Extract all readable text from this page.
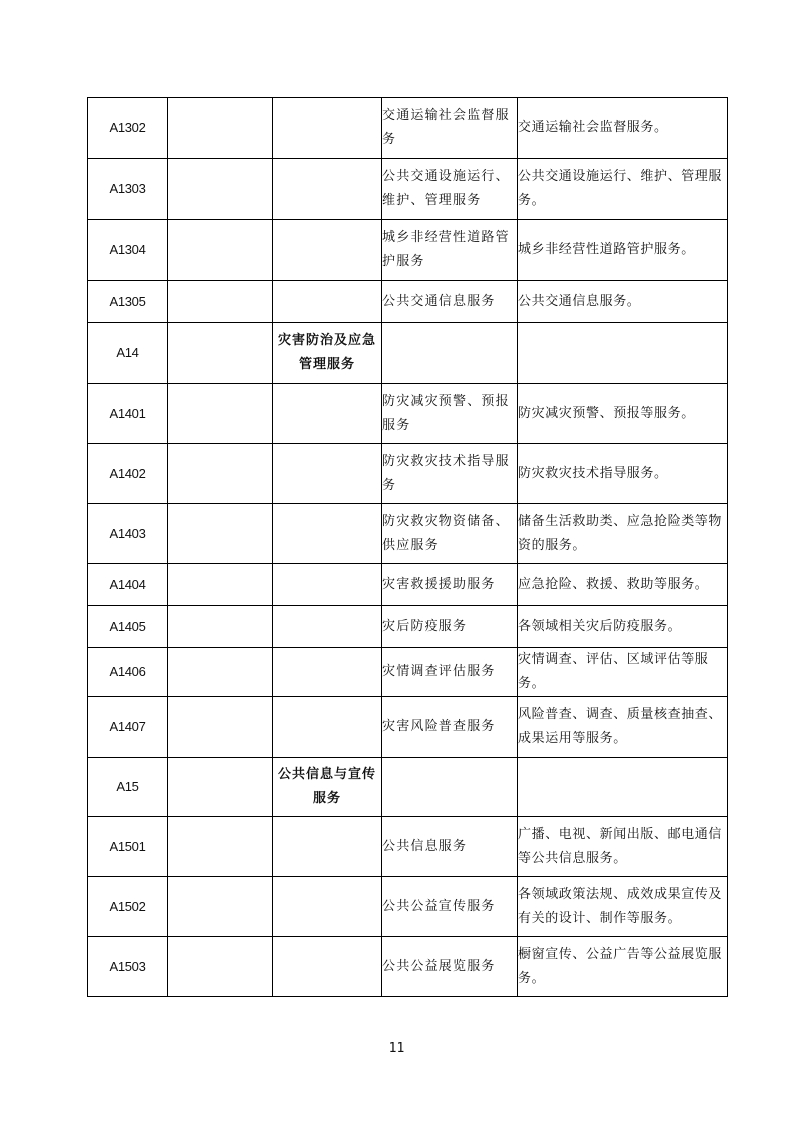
A1302			交通运输社会监督服务	交通运输社会监督服务。
A1303			公共交通设施运行、维护、管理服务	公共交通设施运行、维护、管理服务。
A1304			城乡非经营性道路管护服务	城乡非经营性道路管护服务。
A1305			公共交通信息服务	公共交通信息服务。
A14		灾害防治及应急管理服务		
A1401			防灾减灾预警、预报服务	防灾减灾预警、预报等服务。
A1402			防灾救灾技术指导服务	防灾救灾技术指导服务。
A1403			防灾救灾物资储备、供应服务	储备生活救助类、应急抢险类等物资的服务。
A1404			灾害救援援助服务	应急抢险、救援、救助等服务。
A1405			灾后防疫服务	各领域相关灾后防疫服务。
A1406			灾情调查评估服务	灾情调查、评估、区域评估等服务。
A1407			灾害风险普查服务	风险普查、调查、质量核查抽查、成果运用等服务。
A15		公共信息与宣传服务		
A1501			公共信息服务	广播、电视、新闻出版、邮电通信等公共信息服务。
A1502			公共公益宣传服务	各领域政策法规、成效成果宣传及有关的设计、制作等服务。
A1503			公共公益展览服务	橱窗宣传、公益广告等公益展览服务。
11
